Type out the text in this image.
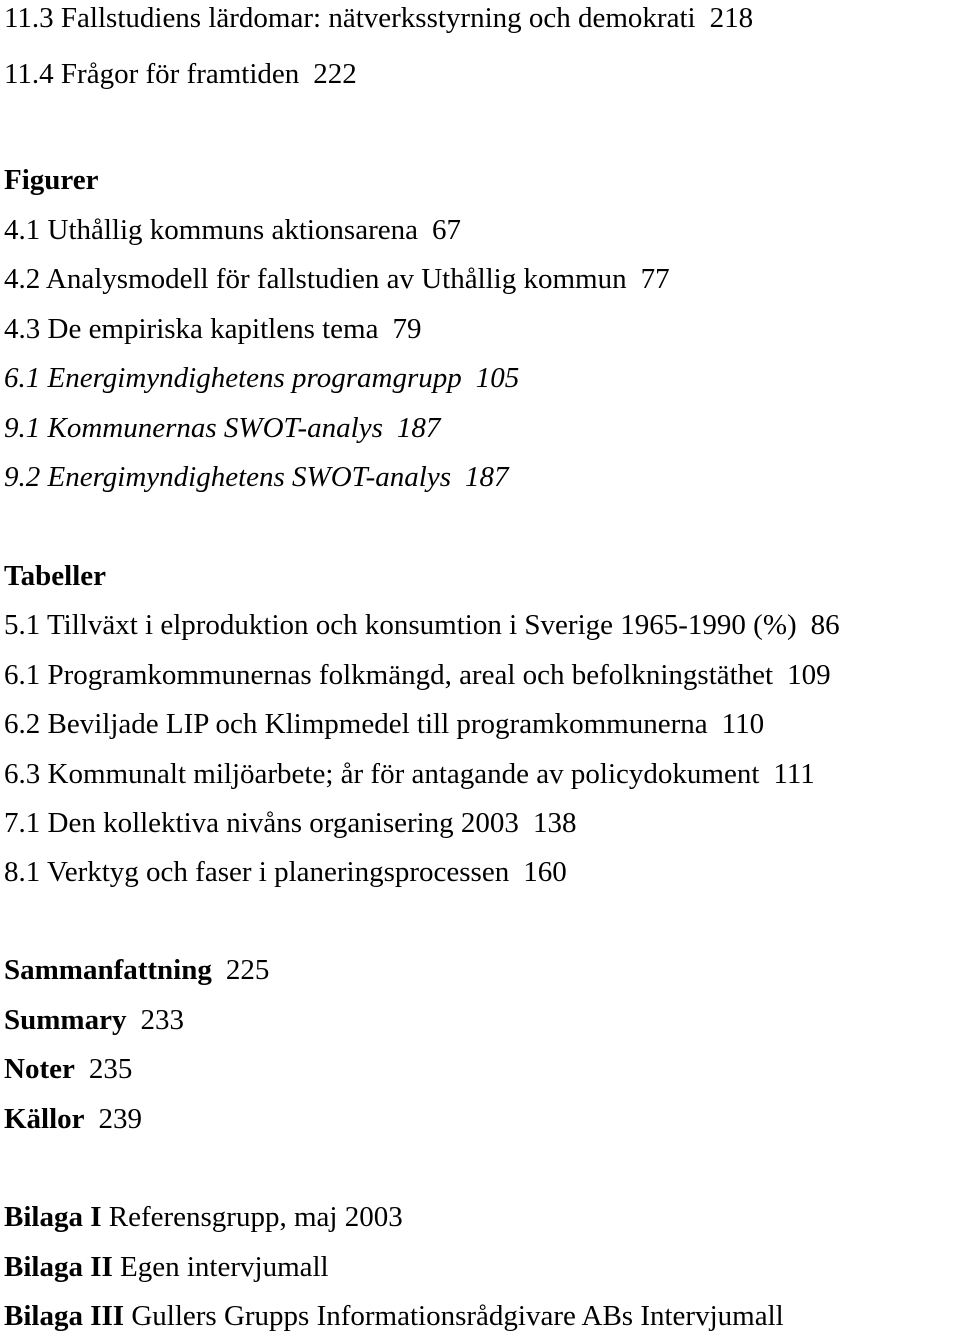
11.3 Fallstudiens lärdomar: nätverksstyrning och demokrati 218
11.4 Frågor för framtiden 222
Figurer
4.1 Uthållig kommuns aktionsarena 67
4.2 Analysmodell för fallstudien av Uthållig kommun 77
4.3 De empiriska kapitlens tema 79
6.1 Energimyndighetens programgrupp 105
9.1 Kommunernas SWOT-analys 187
9.2 Energimyndighetens SWOT-analys 187
Tabeller
5.1 Tillväxt i elproduktion och konsumtion i Sverige 1965-1990 (%) 86
6.1 Programkommunernas folkmängd, areal och befolkningstäthet 109
6.2 Beviljade LIP och Klimpmedel till programkommunerna 110
6.3 Kommunalt miljöarbete; år för antagande av policydokument 111
7.1 Den kollektiva nivåns organisering 2003 138
8.1 Verktyg och faser i planeringsprocessen 160
Sammanfattning 225
Summary 233
Noter 235
Källor 239
Bilaga I Referensgrupp, maj 2003
Bilaga II Egen intervjumall
Bilaga III Gullers Grupps Informationsrådgivare ABs Intervjumall
